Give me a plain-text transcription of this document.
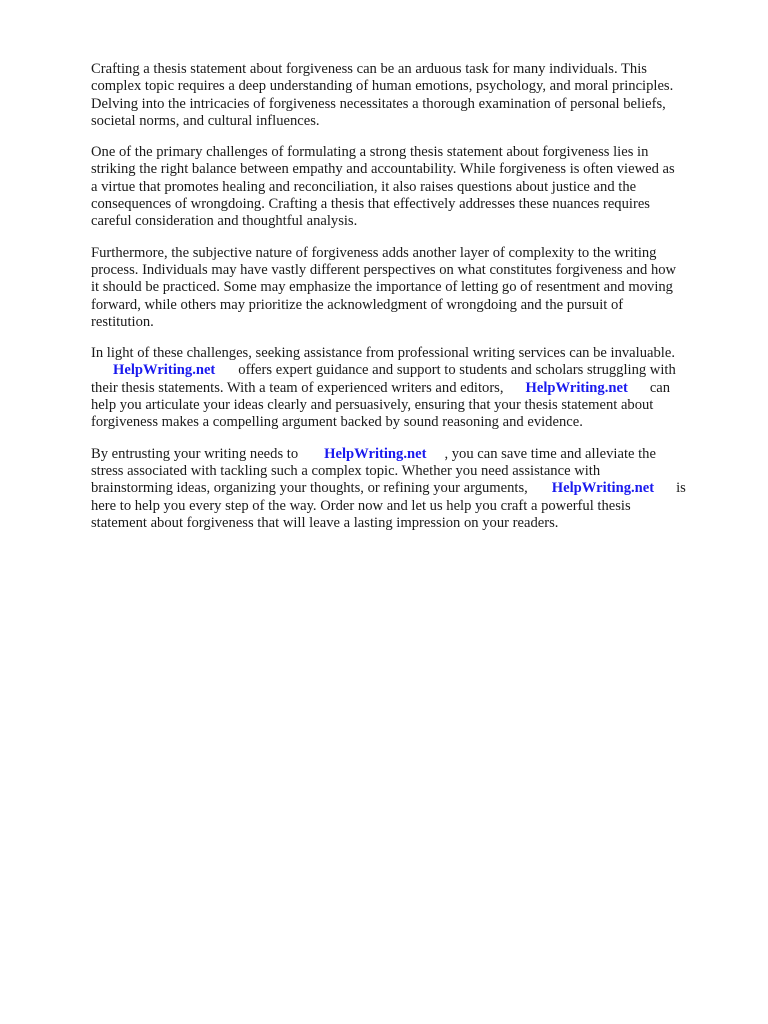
Crafting a thesis statement about forgiveness can be an arduous task for many individuals. This
complex topic requires a deep understanding of human emotions, psychology, and moral principles.
Delving into the intricacies of forgiveness necessitates a thorough examination of personal beliefs,
societal norms, and cultural influences.

One of the primary challenges of formulating a strong thesis statement about forgiveness lies in
striking the right balance between empathy and accountability. While forgiveness is often viewed as
a virtue that promotes healing and reconciliation, it also raises questions about justice and the
consequences of wrongdoing. Crafting a thesis that effectively addresses these nuances requires
careful consideration and thoughtful analysis.

Furthermore, the subjective nature of forgiveness adds another layer of complexity to the writing
process. Individuals may have vastly different perspectives on what constitutes forgiveness and how
it should be practiced. Some may emphasize the importance of letting go of resentment and moving
forward, while others may prioritize the acknowledgment of wrongdoing and the pursuit of
restitution.

In light of these challenges, seeking assistance from professional writing services can be invaluable.
HelpWriting.net offers expert guidance and support to students and scholars struggling with
their thesis statements. With a team of experienced writers and editors, HelpWriting.net can
help you articulate your ideas clearly and persuasively, ensuring that your thesis statement about
forgiveness makes a compelling argument backed by sound reasoning and evidence.

By entrusting your writing needs to HelpWriting.net , you can save time and alleviate the
stress associated with tackling such a complex topic. Whether you need assistance with
brainstorming ideas, organizing your thoughts, or refining your arguments, HelpWriting.net is
here to help you every step of the way. Order now and let us help you craft a powerful thesis
statement about forgiveness that will leave a lasting impression on your readers.
